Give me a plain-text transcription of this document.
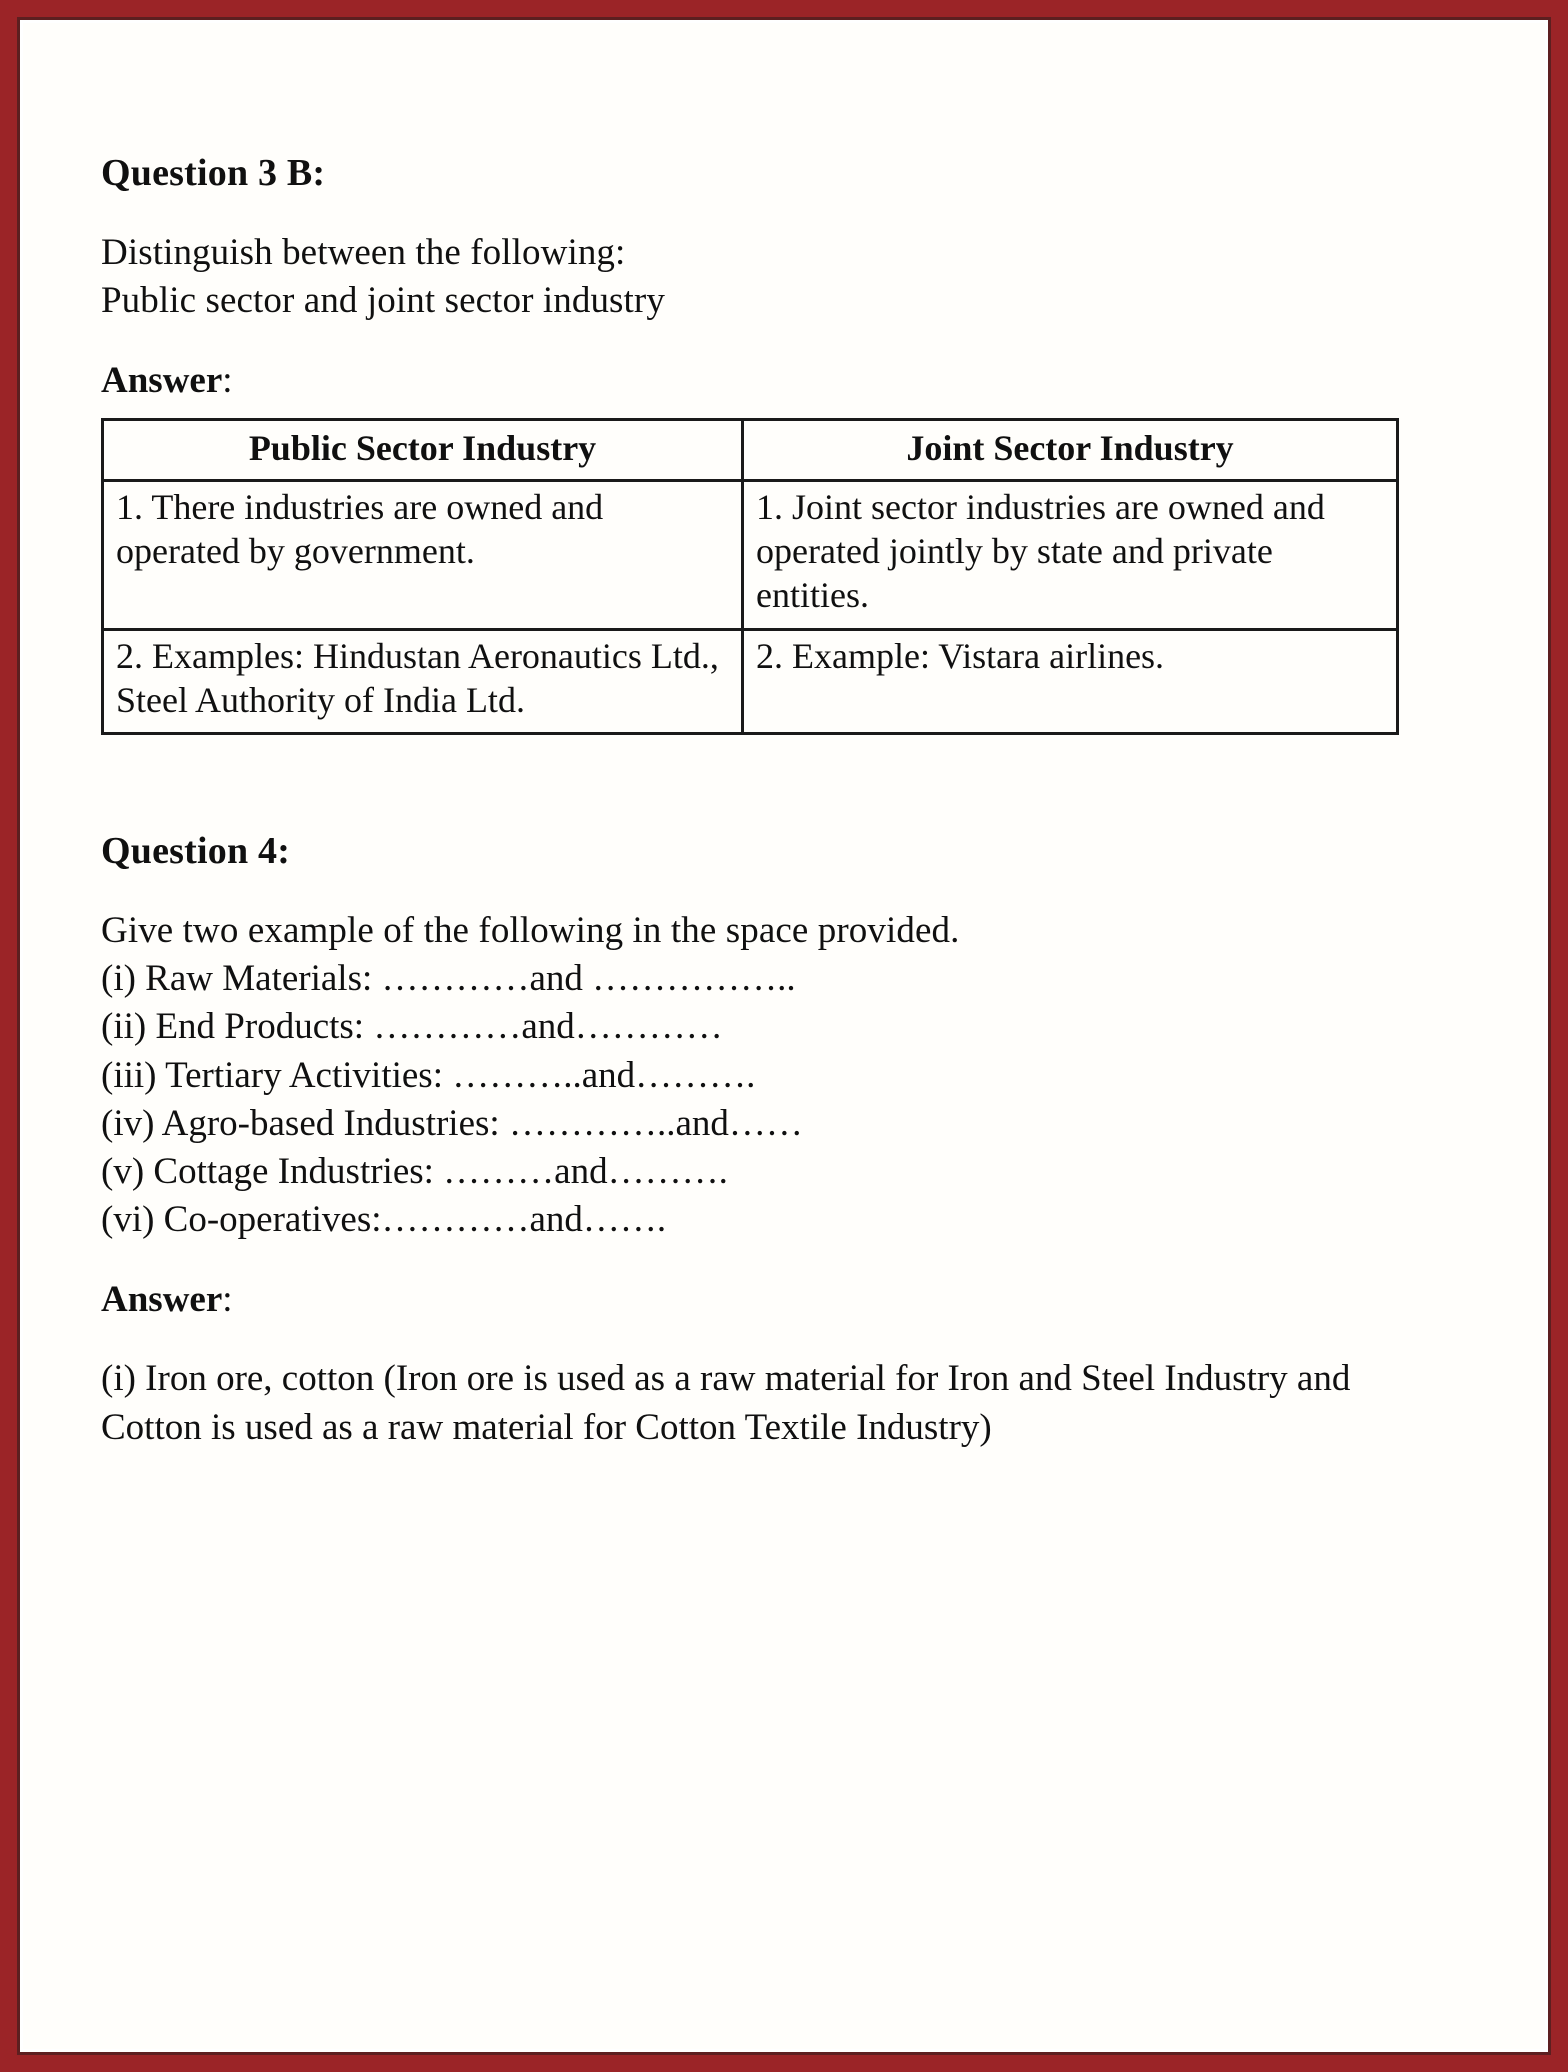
Question 3 B:

Distinguish between the following:

Public sector and joint sector industry

Answer:

Public Sector Industry	Joint Sector Industry
1. There industries are owned and operated by government.	1. Joint sector industries are owned and operated jointly by state and private entities.
2. Examples: Hindustan Aeronautics Ltd., Steel Authority of India Ltd.	2. Example: Vistara airlines.
Question 4:

Give two example of the following in the space provided.

(i) Raw Materials: …………and ……………..
(ii) End Products: …………and…………
(iii) Tertiary Activities: ………..and……….
(iv) Agro-based Industries: …………..and……
(v) Cottage Industries: ………and……….
(vi) Co-operatives:…………and…….

Answer:

(i) Iron ore, cotton (Iron ore is used as a raw material for Iron and Steel Industry and Cotton is used as a raw material for Cotton Textile Industry)
